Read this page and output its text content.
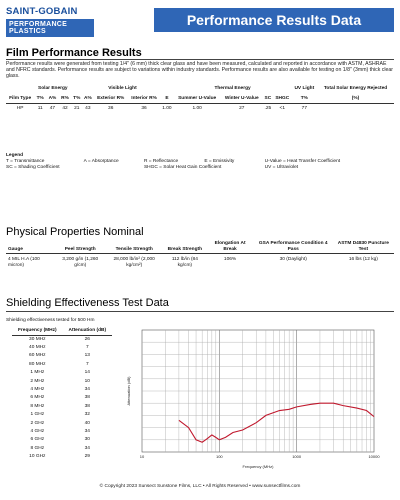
SAINT-GOBAIN
PERFORMANCE PLASTICS
Performance Results Data
Film Performance Results
Performance results were generated from testing 1/4" (6 mm) thick clear glass and have been measured, calculated and reported in accordance with ASTM, ASHRAE and NFRC standards. Performance results are subject to variations within industry standards. Performance results are also available for testing on 1/8" (3mm) thick clear glass.
	Solar Energy			Visible Light					Thermal Energy				UV Light	Total Solar Energy Rejected
Film Type	T%	A%	R%	T%	A%	Exterior R%	Interior R%	E	Summer U-Value	Winter U-Value	SC	SHGC	T%	(%)
HP	11	47	42	21	43	36	36	1.00	1.00	27	.25	<1	77	
Legend
T = Transmittance	A = Absorptance	R = Reflectance	E = Emissivity	U-Value = Heat Transfer Coefficient
SC = Shading Coefficient	SHGC = Solar Heat Gain Coefficient	UV = Ultraviolet
Physical Properties Nominal
Gauge	Peel Strength	Tensile Strength	Break Strength	Elongation At Break	GSA Performance Condition 4 Pass	ASTM D4830 Puncture Test
4 MIL H.A (100 micron)	3,200 g/in (1,260 g/cm)	28,000 lb/in² (2,000 kg/cm²)	112 lb/in (84 kg/cm)	106%	30 (Daylight)	16 lbs (12 kg)
Shielding Effectiveness Test Data
Shielding effectiveness tested for 500 Hm
Frequency (MHz)	Attenuation (dB)
30 MHz	26
40 MHz	7
60 MHz	13
80 MHz	7
1 MHz	14
2 MHz	10
4 MHz	34
6 MHz	38
8 MHz	38
1 GHz	32
2 GHz	40
4 GHz	34
6 GHz	30
8 GHz	34
10 GHz	29	10	100	1000	10000
Frequency (MHz)
Attenuation (dB)
© Copyright 2023 Sunsect Sunstone Films, LLC • All Rights Reserved • www.sunsectfilms.com
